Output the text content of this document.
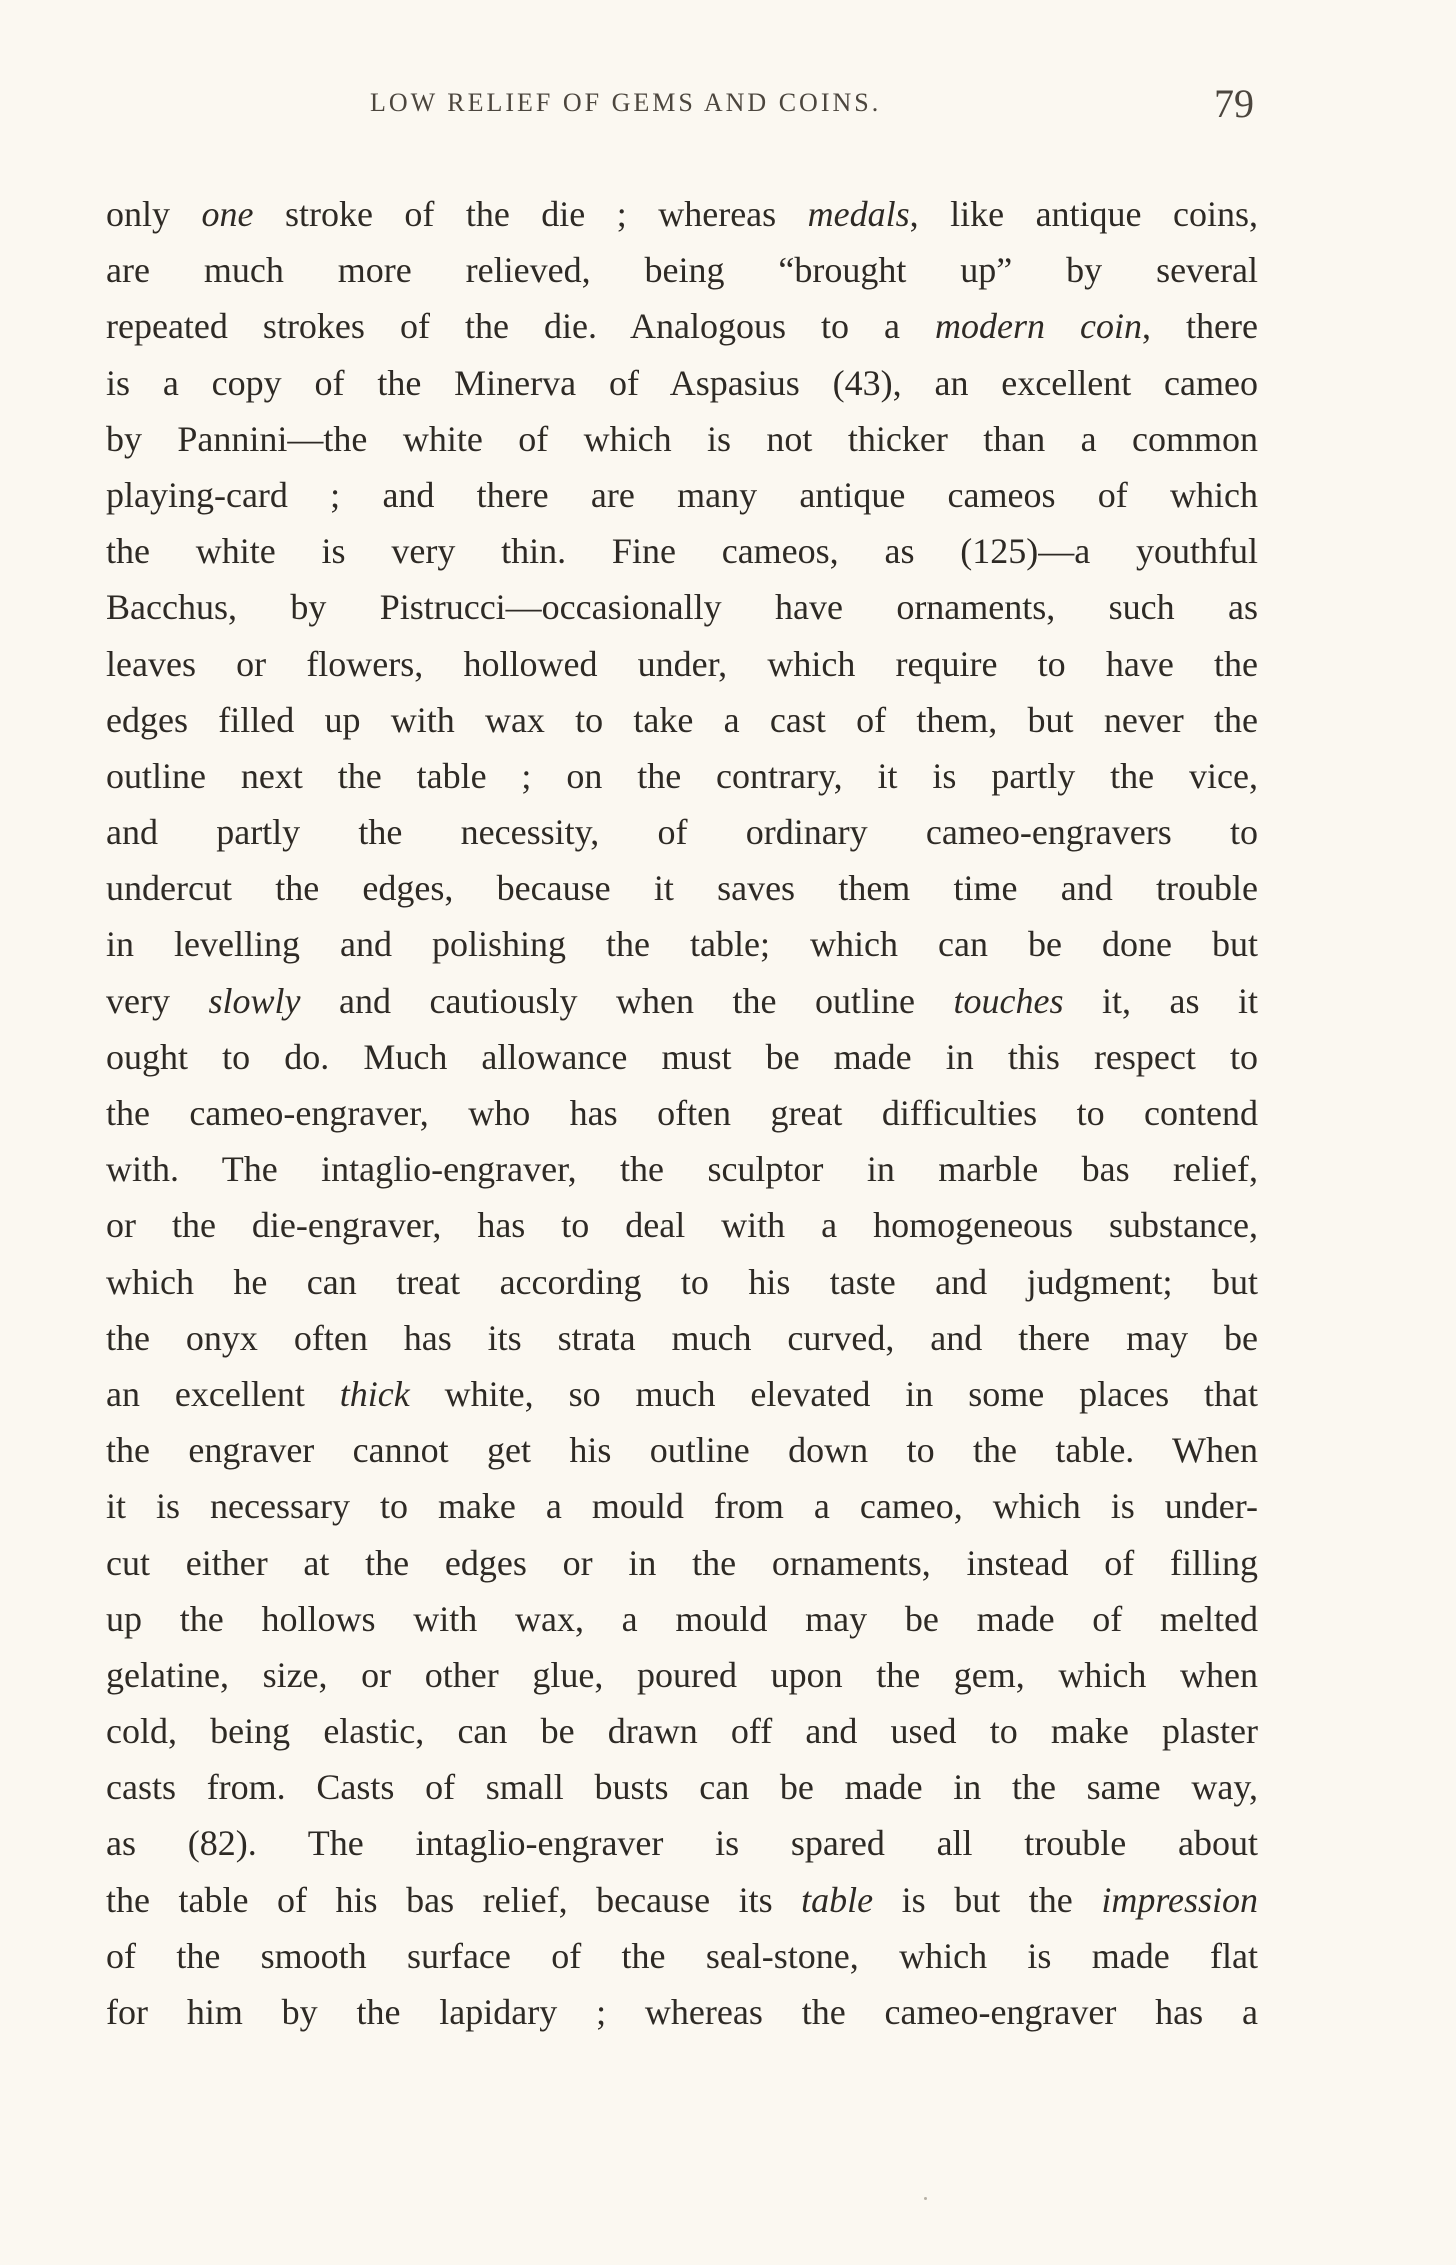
LOW RELIEF OF GEMS AND COINS.	79
only one stroke of the die ; whereas medals, like antique coins,
are much more relieved, being “brought up” by several
repeated strokes of the die. Analogous to a modern coin, there
is a copy of the Minerva of Aspasius (43), an excellent cameo
by Pannini—the white of which is not thicker than a common
playing-card ; and there are many antique cameos of which
the white is very thin. Fine cameos, as (125)—a youthful
Bacchus, by Pistrucci—occasionally have ornaments, such as
leaves or flowers, hollowed under, which require to have the
edges filled up with wax to take a cast of them, but never the
outline next the table ; on the contrary, it is partly the vice,
and partly the necessity, of ordinary cameo-engravers to
undercut the edges, because it saves them time and trouble
in levelling and polishing the table; which can be done but
very slowly and cautiously when the outline touches it, as it
ought to do. Much allowance must be made in this respect to
the cameo-engraver, who has often great difficulties to contend
with. The intaglio-engraver, the sculptor in marble bas relief,
or the die-engraver, has to deal with a homogeneous substance,
which he can treat according to his taste and judgment; but
the onyx often has its strata much curved, and there may be
an excellent thick white, so much elevated in some places that
the engraver cannot get his outline down to the table. When
it is necessary to make a mould from a cameo, which is under-
cut either at the edges or in the ornaments, instead of filling
up the hollows with wax, a mould may be made of melted
gelatine, size, or other glue, poured upon the gem, which when
cold, being elastic, can be drawn off and used to make plaster
casts from. Casts of small busts can be made in the same way,
as (82). The intaglio-engraver is spared all trouble about
the table of his bas relief, because its table is but the impression
of the smooth surface of the seal-stone, which is made flat
for him by the lapidary ; whereas the cameo-engraver has a
